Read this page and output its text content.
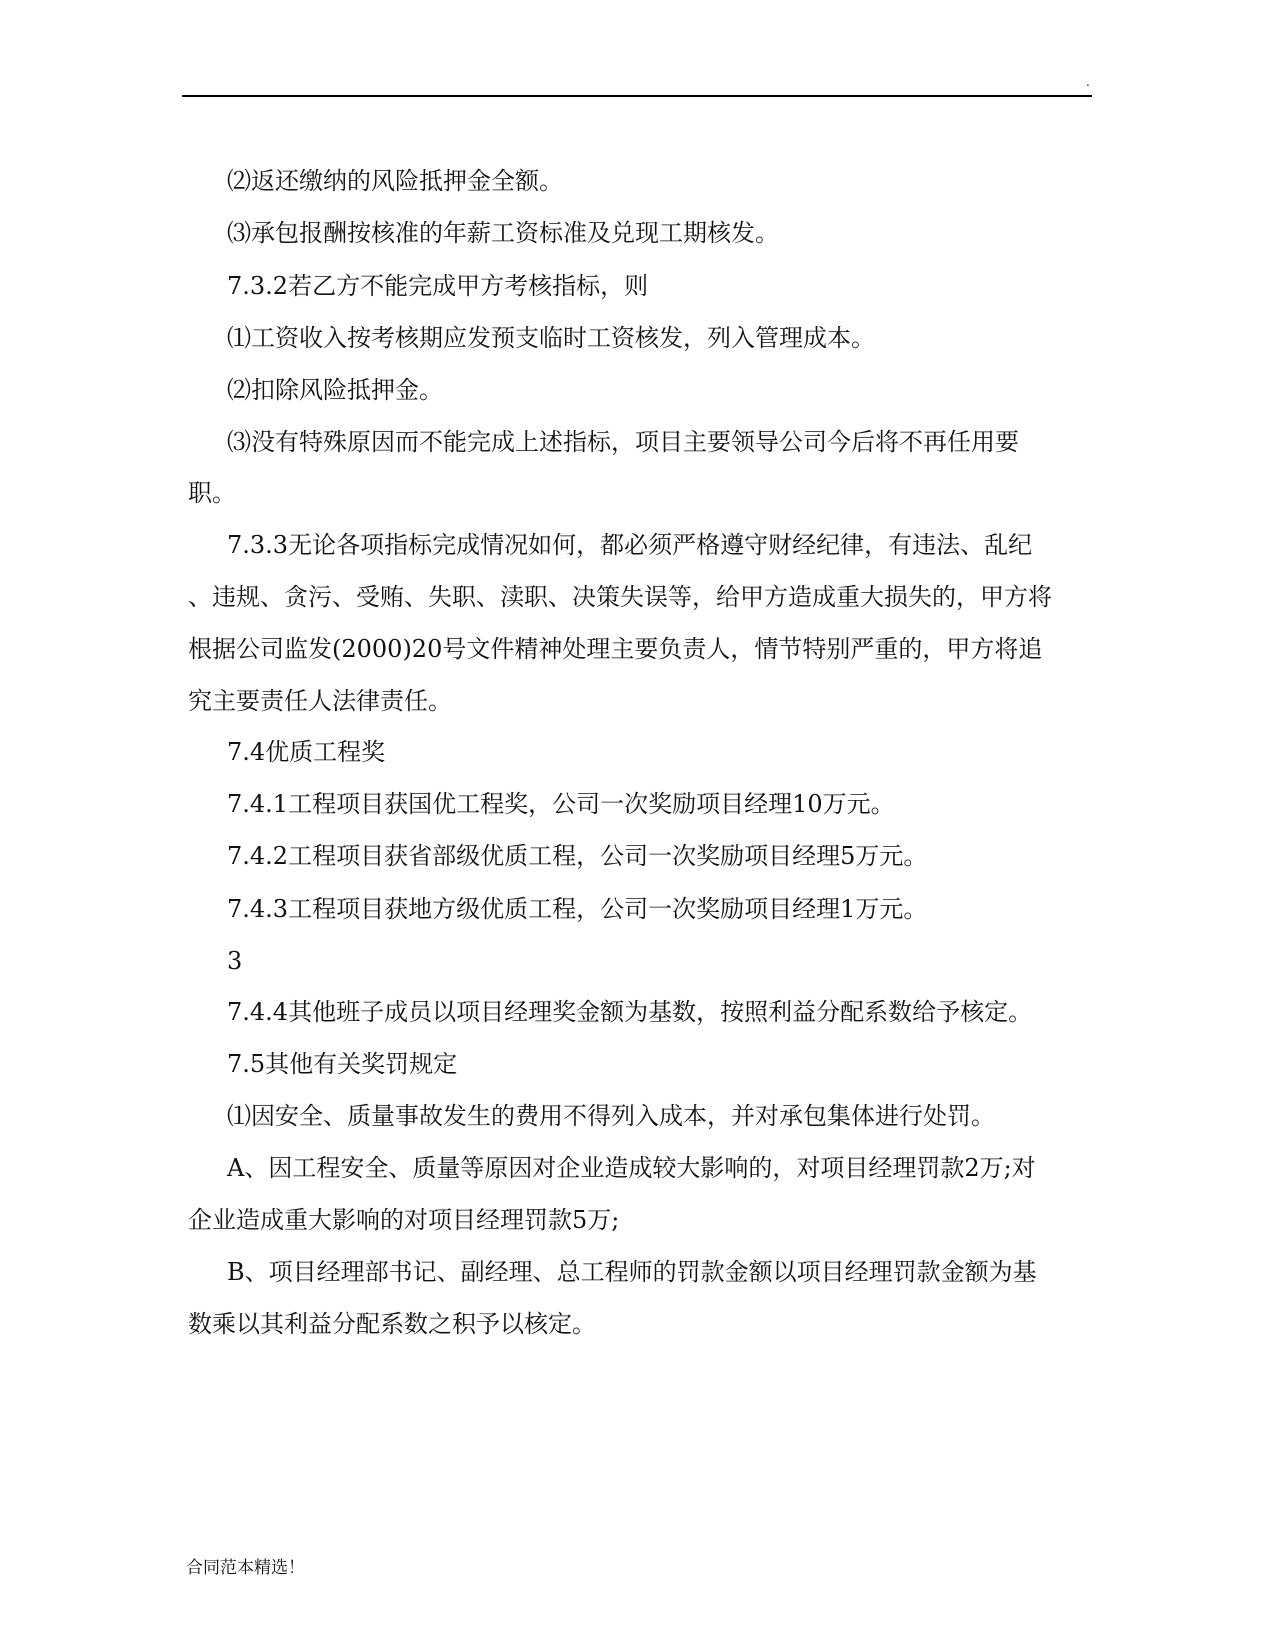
.
⑵返还缴纳的风险抵押金全额。
⑶承包报酬按核准的年薪工资标准及兑现工期核发。
7.3.2若乙方不能完成甲方考核指标，则
⑴工资收入按考核期应发预支临时工资核发，列入管理成本。
⑵扣除风险抵押金。
⑶没有特殊原因而不能完成上述指标，项目主要领导公司今后将不再任用要
职。
7.3.3无论各项指标完成情况如何，都必须严格遵守财经纪律，有违法、乱纪
、违规、贪污、受贿、失职、渎职、决策失误等，给甲方造成重大损失的，甲方将
根据公司监发(2000)20号文件精神处理主要负责人，情节特别严重的，甲方将追
究主要责任人法律责任。
7.4优质工程奖
7.4.1工程项目获国优工程奖，公司一次奖励项目经理10万元。
7.4.2工程项目获省部级优质工程，公司一次奖励项目经理5万元。
7.4.3工程项目获地方级优质工程，公司一次奖励项目经理1万元。
3
7.4.4其他班子成员以项目经理奖金额为基数，按照利益分配系数给予核定。
7.5其他有关奖罚规定
⑴因安全、质量事故发生的费用不得列入成本，并对承包集体进行处罚。
A、因工程安全、质量等原因对企业造成较大影响的，对项目经理罚款2万;对
企业造成重大影响的对项目经理罚款5万;
B、项目经理部书记、副经理、总工程师的罚款金额以项目经理罚款金额为基
数乘以其利益分配系数之积予以核定。
合同范本精选！
